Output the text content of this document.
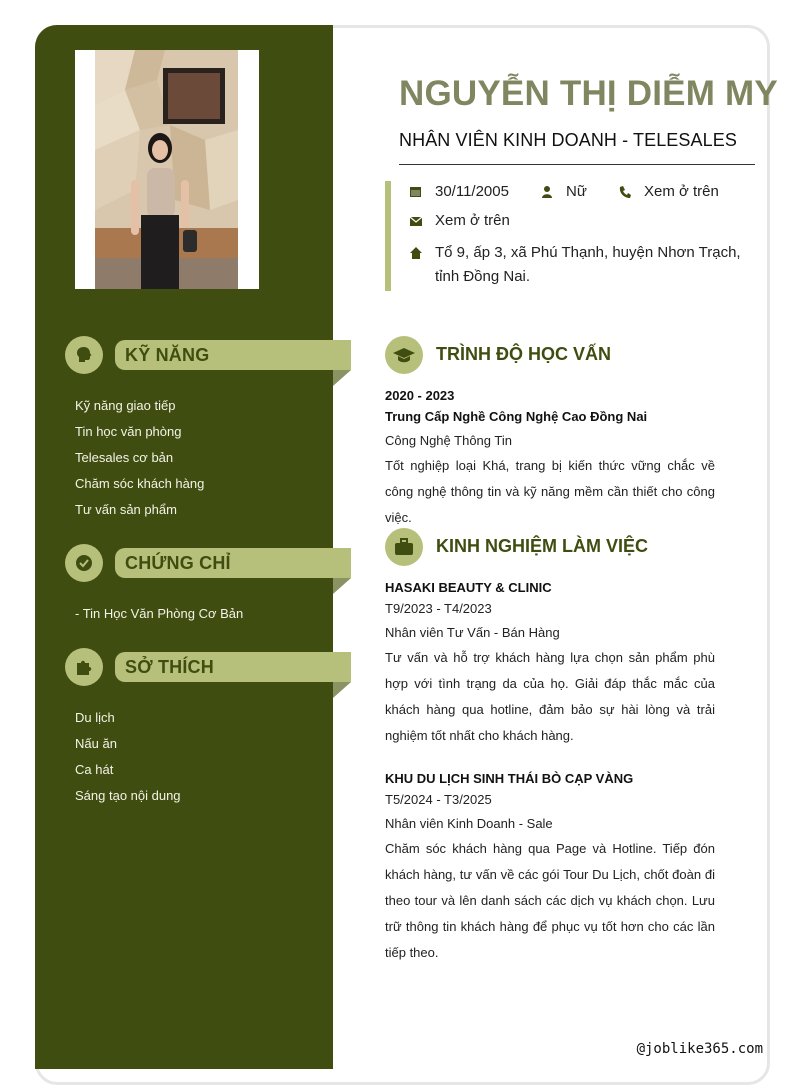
KỸ NĂNG
Kỹ năng giao tiếp
Tin học văn phòng
Telesales cơ bản
Chăm sóc khách hàng
Tư vấn sản phẩm
CHỨNG CHỈ
- Tin Học Văn Phòng Cơ Bản
SỞ THÍCH
Du lịch
Nấu ăn
Ca hát
Sáng tạo nội dung
NGUYỄN THỊ DIỄM MY
NHÂN VIÊN KINH DOANH - TELESALES
30/11/2005	Nữ	Xem ở trên
Xem ở trên
Tổ 9, ấp 3, xã Phú Thạnh, huyện Nhơn Trạch, tỉnh Đồng Nai.
TRÌNH ĐỘ HỌC VẤN

2020 - 2023

Trung Cấp Nghề Công Nghệ Cao Đồng Nai

Công Nghệ Thông Tin

Tốt nghiệp loại Khá, trang bị kiến thức vững chắc về công nghệ thông tin và kỹ năng mềm cần thiết cho công việc.

KINH NGHIỆM LÀM VIỆC

HASAKI BEAUTY & CLINIC

T9/2023 - T4/2023

Nhân viên Tư Vấn - Bán Hàng

Tư vấn và hỗ trợ khách hàng lựa chọn sản phẩm phù hợp với tình trạng da của họ. Giải đáp thắc mắc của khách hàng qua hotline, đảm bảo sự hài lòng và trải nghiệm tốt nhất cho khách hàng.

KHU DU LỊCH SINH THÁI BÒ CẠP VÀNG

T5/2024 - T3/2025

Nhân viên Kinh Doanh - Sale

Chăm sóc khách hàng qua Page và Hotline. Tiếp đón khách hàng, tư vấn về các gói Tour Du Lịch, chốt đoàn đi theo tour và lên danh sách các dịch vụ khách chọn. Lưu trữ thông tin khách hàng để phục vụ tốt hơn cho các lần tiếp theo.

@joblike365.com
